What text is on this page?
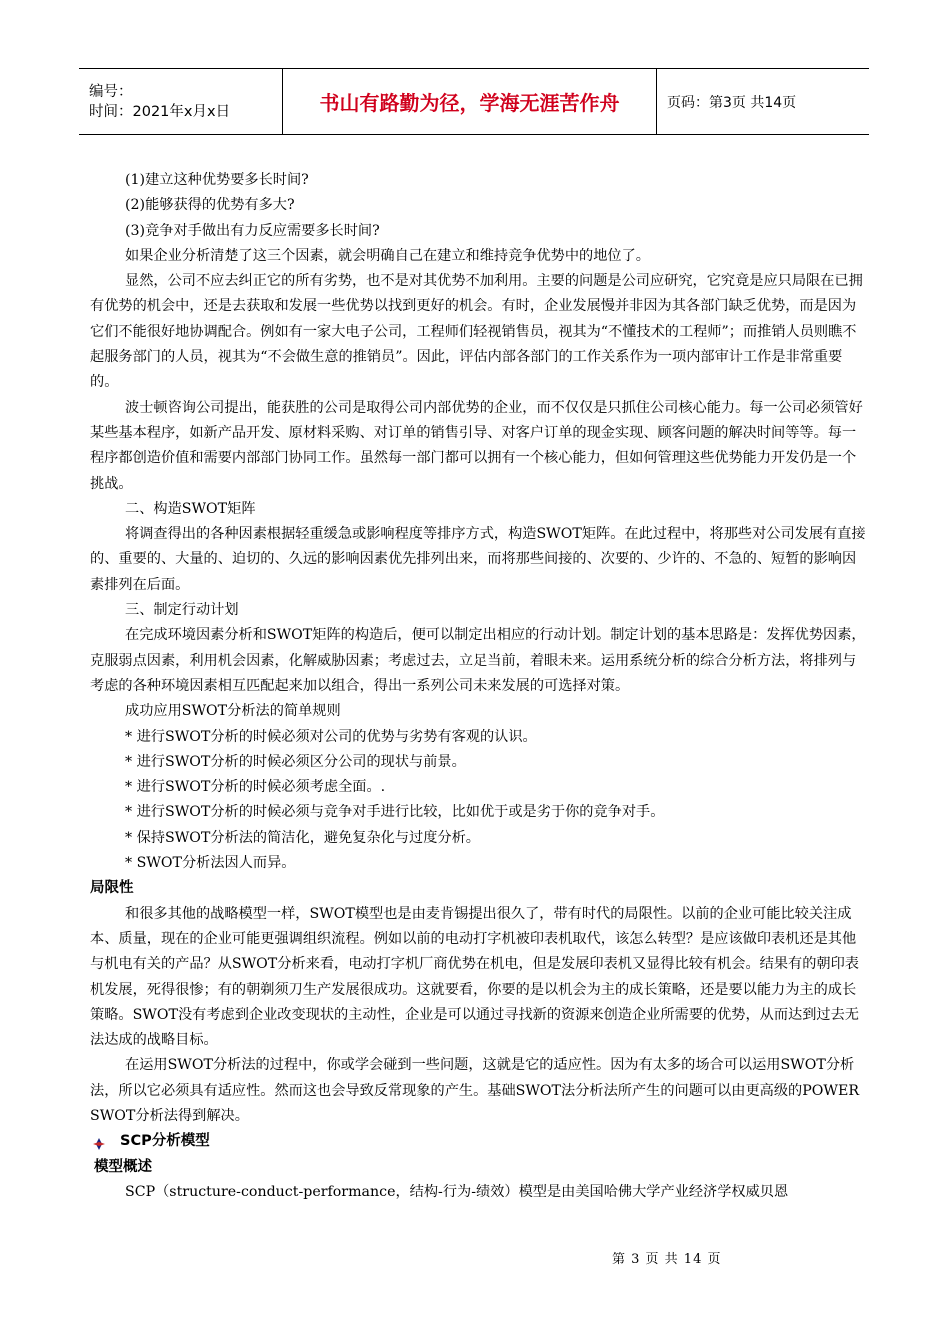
编号：
时间：2021年x月x日	书山有路勤为径，学海无涯苦作舟	页码：第3页 共14页

(1)建立这种优势要多长时间?

(2)能够获得的优势有多大?

(3)竞争对手做出有力反应需要多长时间?

如果企业分析清楚了这三个因素，就会明确自己在建立和维持竞争优势中的地位了。

显然，公司不应去纠正它的所有劣势，也不是对其优势不加利用。主要的问题是公司应研究，它究竟是应只局限在已拥有优势的机会中，还是去获取和发展一些优势以找到更好的机会。有时，企业发展慢并非因为其各部门缺乏优势，而是因为它们不能很好地协调配合。例如有一家大电子公司，工程师们轻视销售员，视其为“不懂技术的工程师”；而推销人员则瞧不起服务部门的人员，视其为“不会做生意的推销员”。因此，评估内部各部门的工作关系作为一项内部审计工作是非常重要的。

波士顿咨询公司提出，能获胜的公司是取得公司内部优势的企业，而不仅仅是只抓住公司核心能力。每一公司必须管好某些基本程序，如新产品开发、原材料采购、对订单的销售引导、对客户订单的现金实现、顾客问题的解决时间等等。每一程序都创造价值和需要内部部门协同工作。虽然每一部门都可以拥有一个核心能力，但如何管理这些优势能力开发仍是一个挑战。

二、构造SWOT矩阵

将调查得出的各种因素根据轻重缓急或影响程度等排序方式，构造SWOT矩阵。在此过程中，将那些对公司发展有直接的、重要的、大量的、迫切的、久远的影响因素优先排列出来，而将那些间接的、次要的、少许的、不急的、短暂的影响因素排列在后面。

三、制定行动计划

在完成环境因素分析和SWOT矩阵的构造后，便可以制定出相应的行动计划。制定计划的基本思路是：发挥优势因素，克服弱点因素，利用机会因素，化解威胁因素；考虑过去，立足当前，着眼未来。运用系统分析的综合分析方法，将排列与考虑的各种环境因素相互匹配起来加以组合，得出一系列公司未来发展的可选择对策。

成功应用SWOT分析法的简单规则

* 进行SWOT分析的时候必须对公司的优势与劣势有客观的认识。

* 进行SWOT分析的时候必须区分公司的现状与前景。

* 进行SWOT分析的时候必须考虑全面。.

* 进行SWOT分析的时候必须与竞争对手进行比较，比如优于或是劣于你的竞争对手。

* 保持SWOT分析法的简洁化，避免复杂化与过度分析。

* SWOT分析法因人而异。

局限性

和很多其他的战略模型一样，SWOT模型也是由麦肯锡提出很久了，带有时代的局限性。以前的企业可能比较关注成本、质量，现在的企业可能更强调组织流程。例如以前的电动打字机被印表机取代，该怎么转型？是应该做印表机还是其他与机电有关的产品？从SWOT分析来看，电动打字机厂商优势在机电，但是发展印表机又显得比较有机会。结果有的朝印表机发展，死得很惨；有的朝剃须刀生产发展很成功。这就要看，你要的是以机会为主的成长策略，还是要以能力为主的成长策略。SWOT没有考虑到企业改变现状的主动性，企业是可以通过寻找新的资源来创造企业所需要的优势，从而达到过去无法达成的战略目标。

在运用SWOT分析法的过程中，你或学会碰到一些问题，这就是它的适应性。因为有太多的场合可以运用SWOT分析法，所以它必须具有适应性。然而这也会导致反常现象的产生。基础SWOT法分析法所产生的问题可以由更高级的POWER SWOT分析法得到解决。

SCP分析模型

模型概述

SCP（structure-conduct-performance，结构-行为-绩效）模型是由美国哈佛大学产业经济学权威贝恩

第 3 页 共 14 页
